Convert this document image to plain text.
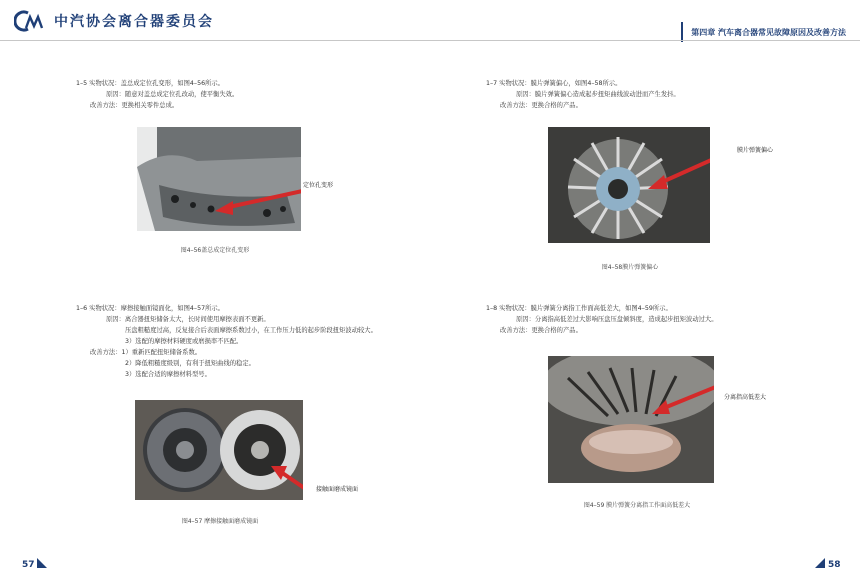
中汽协会离合器委员会
第四章 汽车离合器常见故障原因及改善方法
1–5 实物状况：盖总成定位孔变形，如图4–56所示。
原因：随意对盖总成定位孔改动，使平衡失效。
改善方法：更换相关零件总成。
定位孔变形
图4–56盖总成定位孔变形
1–7 实物状况：膜片弹簧偏心，如图4–58所示。
原因：膜片弹簧偏心造成起步扭矩曲线波动进而产生发抖。
改善方法：更换合格的产品。
膜片弹簧偏心
图4–58膜片弹簧偏心
1–6 实物状况：摩擦接触面镜面化，如图4–57所示。
原因：离合器扭矩储备太大，长时间使用摩擦表面不更新。
压盘粗糙度过高，反复接合后表面摩擦系数过小，在工作压力低的起步阶段扭矩波动较大。
3）选配的摩擦材料硬度或磨损率不匹配。
改善方法：1）重新匹配扭矩储备系数。
2）降低粗糙度级别，有利于扭矩曲线的稳定。
3）选配合适的摩擦材料型号。
接触面磨成镜面
图4–57 摩擦接触面磨成镜面
1–8 实物状况：膜片弹簧分离指工作面高低差大，如图4–59所示。
原因：分离指高低差过大影响压盘压盘倾斜度，造成起步扭矩波动过大。
改善方法：更换合格的产品。
分离指高低差大
图4–59 膜片弹簧分离指工作面高低差大
57	58
